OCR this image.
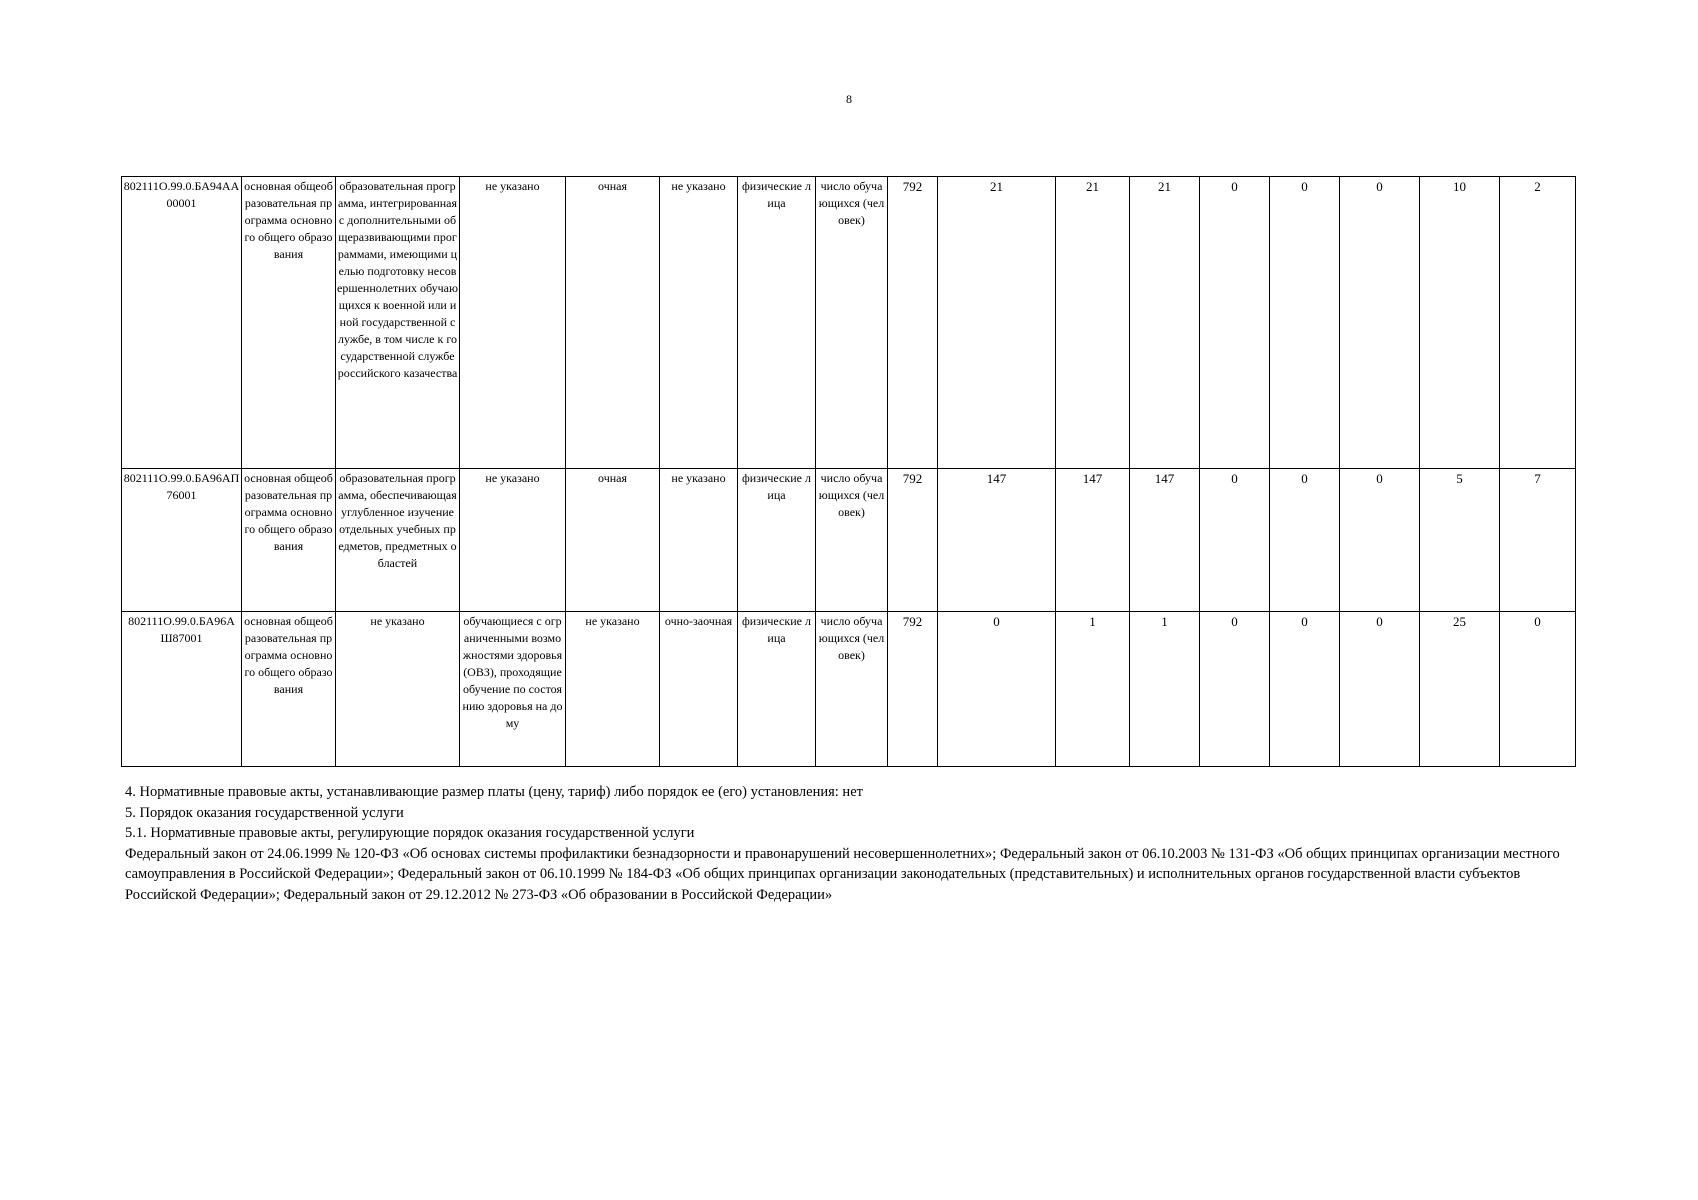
8
802111О.99.0.БА94АА00001	основная общеобразовательная программа основного общего образования	образовательная программа, интегрированная с дополнительными общеразвивающими программами, имеющими целью подготовку несовершеннолетних обучающихся к военной или иной государственной службе, в том числе к государственной службе российского казачества	не указано	очная	не указано	физические лица	число обучающихся (человек)	792	21	21	21	0	0	0	10	2
802111О.99.0.БА96АП76001	основная общеобразовательная программа основного общего образования	образовательная программа, обеспечивающая углубленное изучение отдельных учебных предметов, предметных областей	не указано	очная	не указано	физические лица	число обучающихся (человек)	792	147	147	147	0	0	0	5	7
802111О.99.0.БА96АШ87001	основная общеобразовательная программа основного общего образования	не указано	обучающиеся с ограниченными возможностями здоровья (ОВЗ), проходящие обучение по состоянию здоровья на дому	не указано	очно-заочная	физические лица	число обучающихся (человек)	792	0	1	1	0	0	0	25	0

4. Нормативные правовые акты, устанавливающие размер платы (цену, тариф) либо порядок ее (его) установления: нет

5. Порядок оказания государственной услуги

5.1. Нормативные правовые акты, регулирующие порядок оказания государственной услуги

Федеральный закон от 24.06.1999 № 120-ФЗ «Об основах системы профилактики безнадзорности и правонарушений несовершеннолетних»; Федеральный закон от 06.10.2003 № 131-ФЗ «Об общих принципах организации местного самоуправления в Российской Федерации»; Федеральный закон от 06.10.1999 № 184-ФЗ «Об общих принципах организации законодательных (представительных) и исполнительных органов государственной власти субъектов Российской Федерации»; Федеральный закон от 29.12.2012 № 273-ФЗ «Об образовании в Российской Федерации»
